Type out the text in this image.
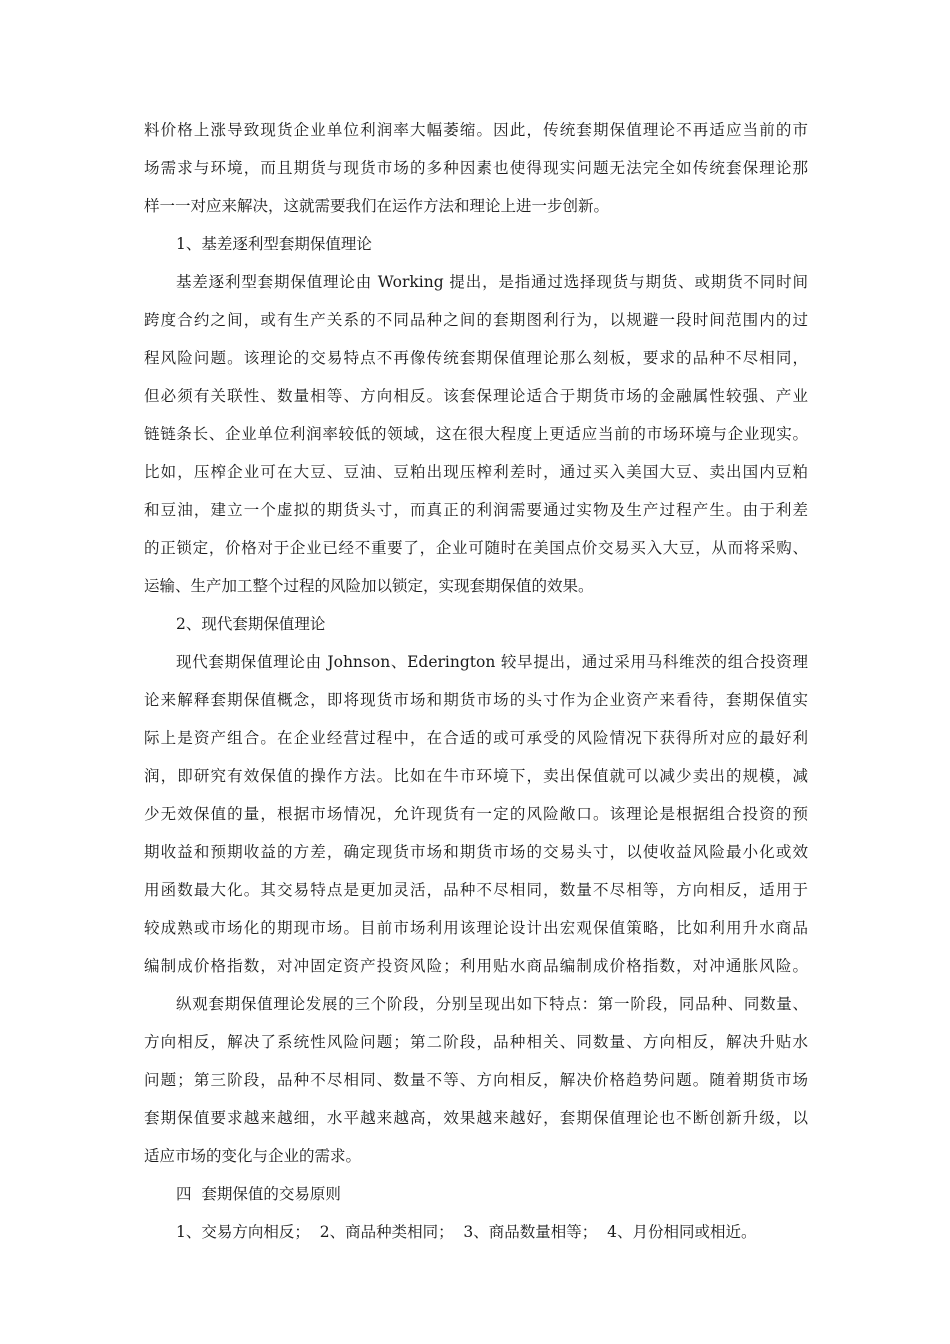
料价格上涨导致现货企业单位利润率大幅萎缩。因此，传统套期保值理论不再适应当前的市
场需求与环境，而且期货与现货市场的多种因素也使得现实问题无法完全如传统套保理论那
样一一对应来解决，这就需要我们在运作方法和理论上进一步创新。
1、基差逐利型套期保值理论
基差逐利型套期保值理论由 Working 提出，是指通过选择现货与期货、或期货不同时间
跨度合约之间，或有生产关系的不同品种之间的套期图利行为，以规避一段时间范围内的过
程风险问题。该理论的交易特点不再像传统套期保值理论那么刻板，要求的品种不尽相同，
但必须有关联性、数量相等、方向相反。该套保理论适合于期货市场的金融属性较强、产业
链链条长、企业单位利润率较低的领域，这在很大程度上更适应当前的市场环境与企业现实。
比如，压榨企业可在大豆、豆油、豆粕出现压榨利差时，通过买入美国大豆、卖出国内豆粕
和豆油，建立一个虚拟的期货头寸，而真正的利润需要通过实物及生产过程产生。由于利差
的正锁定，价格对于企业已经不重要了，企业可随时在美国点价交易买入大豆，从而将采购、
运输、生产加工整个过程的风险加以锁定，实现套期保值的效果。
2、现代套期保值理论
现代套期保值理论由 Johnson、Ederington 较早提出，通过采用马科维茨的组合投资理
论来解释套期保值概念，即将现货市场和期货市场的头寸作为企业资产来看待，套期保值实
际上是资产组合。在企业经营过程中，在合适的或可承受的风险情况下获得所对应的最好利
润，即研究有效保值的操作方法。比如在牛市环境下，卖出保值就可以减少卖出的规模，减
少无效保值的量，根据市场情况，允许现货有一定的风险敞口。该理论是根据组合投资的预
期收益和预期收益的方差，确定现货市场和期货市场的交易头寸，以使收益风险最小化或效
用函数最大化。其交易特点是更加灵活，品种不尽相同，数量不尽相等，方向相反，适用于
较成熟或市场化的期现市场。目前市场利用该理论设计出宏观保值策略，比如利用升水商品
编制成价格指数，对冲固定资产投资风险；利用贴水商品编制成价格指数，对冲通胀风险。
纵观套期保值理论发展的三个阶段，分别呈现出如下特点：第一阶段，同品种、同数量、
方向相反，解决了系统性风险问题；第二阶段，品种相关、同数量、方向相反，解决升贴水
问题；第三阶段，品种不尽相同、数量不等、方向相反，解决价格趋势问题。随着期货市场
套期保值要求越来越细，水平越来越高，效果越来越好，套期保值理论也不断创新升级，以
适应市场的变化与企业的需求。
四  套期保值的交易原则
1、交易方向相反；  2、商品种类相同；  3、商品数量相等；  4、月份相同或相近。
